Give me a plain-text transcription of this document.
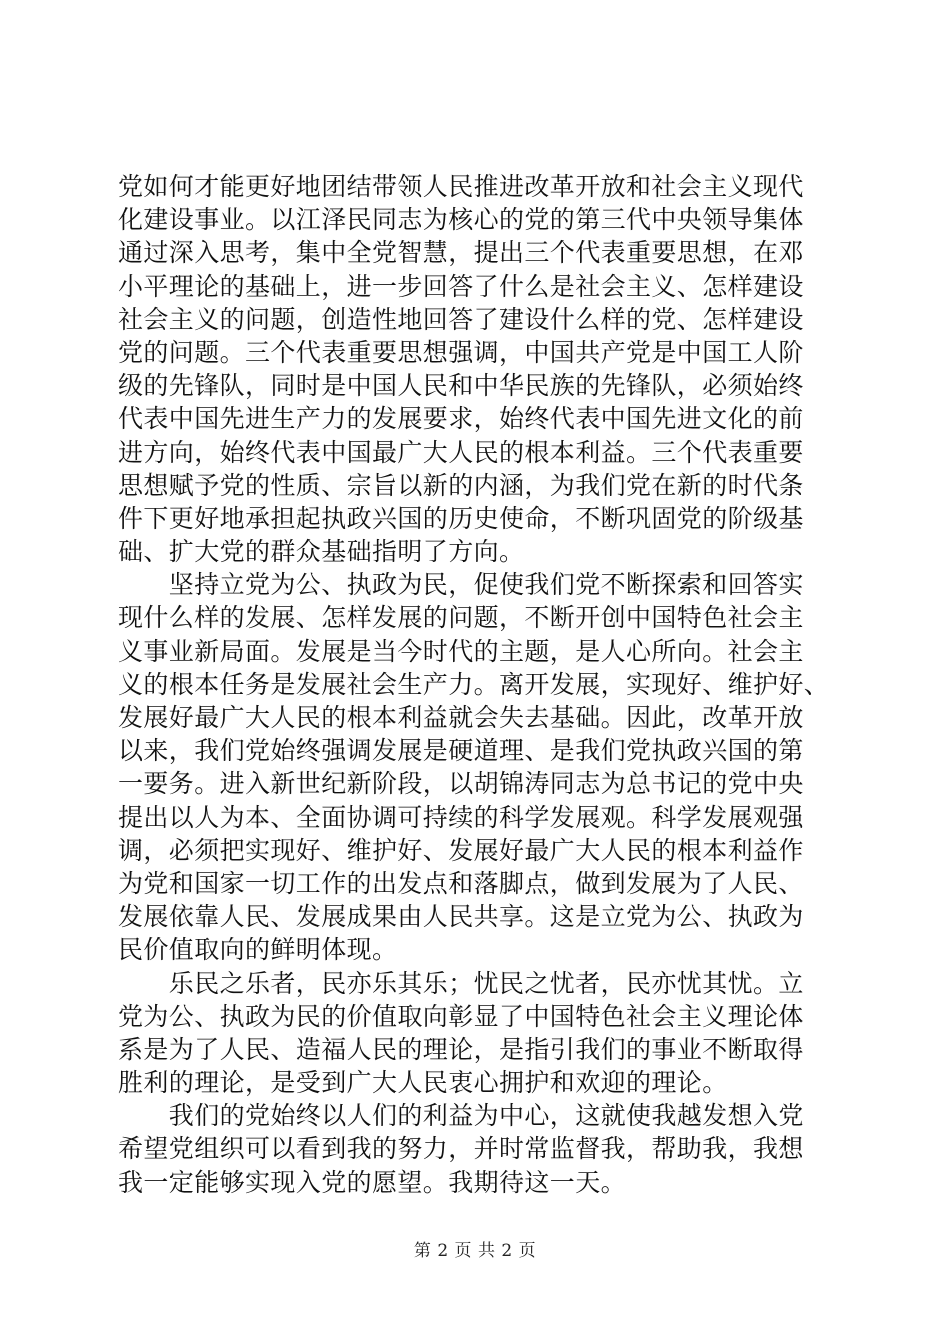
党如何才能更好地团结带领人民推进改革开放和社会主义现代
化建设事业。以江泽民同志为核心的党的第三代中央领导集体
通过深入思考，集中全党智慧，提出三个代表重要思想，在邓
小平理论的基础上，进一步回答了什么是社会主义、怎样建设
社会主义的问题，创造性地回答了建设什么样的党、怎样建设
党的问题。三个代表重要思想强调，中国共产党是中国工人阶
级的先锋队，同时是中国人民和中华民族的先锋队，必须始终
代表中国先进生产力的发展要求，始终代表中国先进文化的前
进方向，始终代表中国最广大人民的根本利益。三个代表重要
思想赋予党的性质、宗旨以新的内涵，为我们党在新的时代条
件下更好地承担起执政兴国的历史使命，不断巩固党的阶级基
础、扩大党的群众基础指明了方向。
　　坚持立党为公、执政为民，促使我们党不断探索和回答实
现什么样的发展、怎样发展的问题，不断开创中国特色社会主
义事业新局面。发展是当今时代的主题，是人心所向。社会主
义的根本任务是发展社会生产力。离开发展，实现好、维护好、
发展好最广大人民的根本利益就会失去基础。因此，改革开放
以来，我们党始终强调发展是硬道理、是我们党执政兴国的第
一要务。进入新世纪新阶段，以胡锦涛同志为总书记的党中央
提出以人为本、全面协调可持续的科学发展观。科学发展观强
调，必须把实现好、维护好、发展好最广大人民的根本利益作
为党和国家一切工作的出发点和落脚点，做到发展为了人民、
发展依靠人民、发展成果由人民共享。这是立党为公、执政为
民价值取向的鲜明体现。
　　乐民之乐者，民亦乐其乐；忧民之忧者，民亦忧其忧。立
党为公、执政为民的价值取向彰显了中国特色社会主义理论体
系是为了人民、造福人民的理论，是指引我们的事业不断取得
胜利的理论，是受到广大人民衷心拥护和欢迎的理论。
　　我们的党始终以人们的利益为中心，这就使我越发想入党
希望党组织可以看到我的努力，并时常监督我，帮助我，我想
我一定能够实现入党的愿望。我期待这一天。
第 2 页 共 2 页
